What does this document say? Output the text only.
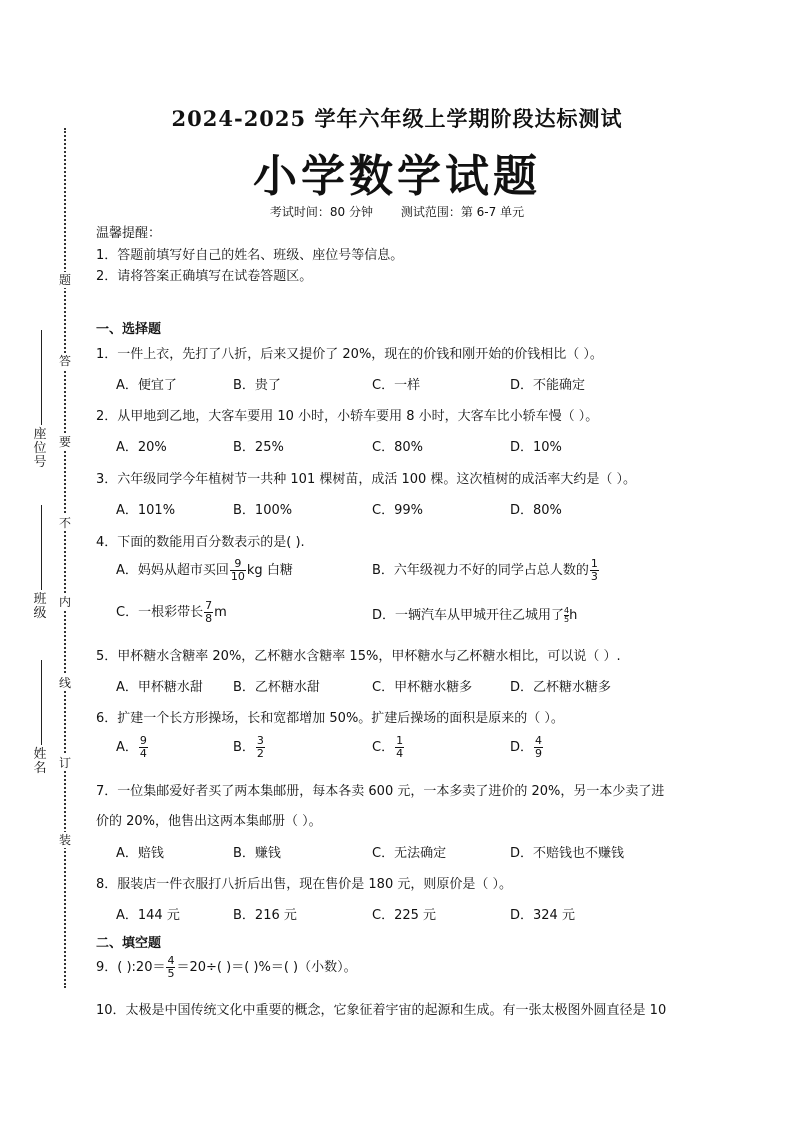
题
答
要
不
内
线
订
装
座位号
班级
姓名
2024-2025 学年六年级上学期阶段达标测试
小学数学试题
考试时间：80 分钟 测试范围：第 6-7 单元
温馨提醒：
1．答题前填写好自己的姓名、班级、座位号等信息。
2．请将答案正确填写在试卷答题区。
一、选择题
1．一件上衣，先打了八折，后来又提价了 20%，现在的价钱和刚开始的价钱相比（ ）。
A．便宜了	B．贵了	C．一样	D．不能确定
2．从甲地到乙地，大客车要用 10 小时，小轿车要用 8 小时，大客车比小轿车慢（ ）。
A．20%	B．25%	C．80%	D．10%
3．六年级同学今年植树节一共种 101 棵树苗，成活 100 棵。这次植树的成活率大约是（ ）。
A．101%	B．100%	C．99%	D．80%
4．下面的数能用百分数表示的是( ).
A．妈妈从超市买回 $\frac{9}{10}$ kg 白糖	B．六年级视力不好的同学占总人数的 $\frac{1}{3}$
C．一根彩带长 $\frac{7}{8}$ m	D．一辆汽车从甲城开往乙城用了 $\frac{4}{5}$ h
5．甲杯糖水含糖率 20%，乙杯糖水含糖率 15%，甲杯糖水与乙杯糖水相比，可以说（ ）.
A．甲杯糖水甜 B．乙杯糖水甜	C．甲杯糖水糖多	D．乙杯糖水糖多
6．扩建一个长方形操场，长和宽都增加 50%。扩建后操场的面积是原来的（ ）。
A． $\frac{9}{4}$	B． $\frac{3}{2}$	C． $\frac{1}{4}$	D． $\frac{4}{9}$
7．一位集邮爱好者买了两本集邮册，每本各卖 600 元，一本多卖了进价的 20%，另一本少卖了进
价的 20%，他售出这两本集邮册（ ）。
A．赔钱	B．赚钱	C．无法确定	D．不赔钱也不赚钱
8．服装店一件衣服打八折后出售，现在售价是 180 元，则原价是（ ）。
A．144 元	B．216 元	C．225 元	D．324 元
二、填空题
9．( ):20＝ $\frac{4}{5} =20\div$( )＝( )%＝( )（小数）。
10．太极是中国传统文化中重要的概念，它象征着宇宙的起源和生成。有一张太极图外圆直径是 10
